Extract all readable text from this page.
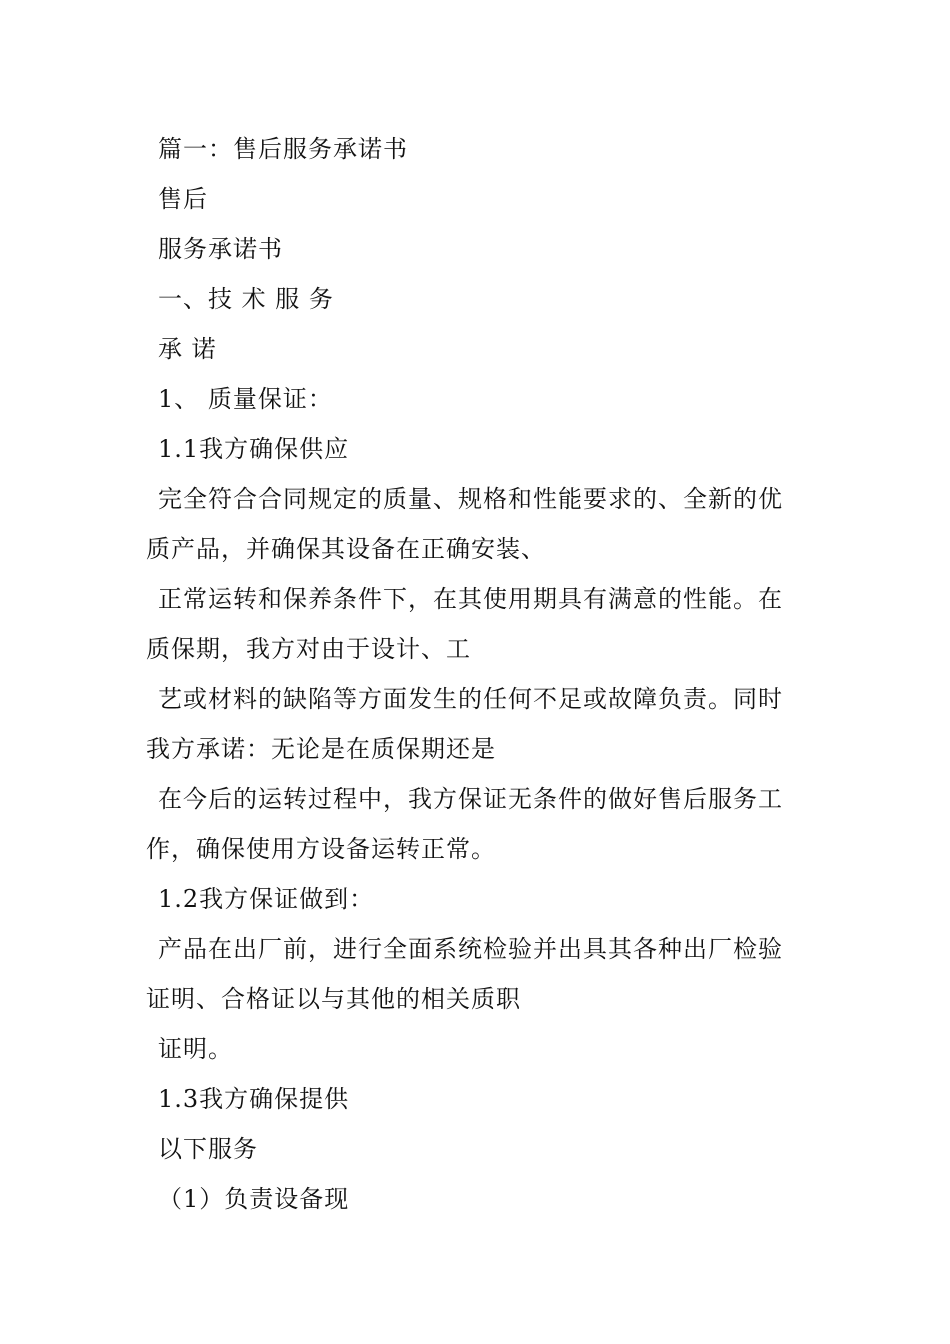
篇一：售后服务承诺书
售后
服务承诺书
一、技 术 服 务
承 诺
1、 质量保证：
1.1我方确保供应
完全符合合同规定的质量、规格和性能要求的、全新的优
质产品，并确保其设备在正确安装、
正常运转和保养条件下，在其使用期具有满意的性能。在
质保期，我方对由于设计、工
艺或材料的缺陷等方面发生的任何不足或故障负责。同时
我方承诺：无论是在质保期还是
在今后的运转过程中，我方保证无条件的做好售后服务工
作，确保使用方设备运转正常。
1.2我方保证做到：
产品在出厂前，进行全面系统检验并出具其各种出厂检验
证明、合格证以与其他的相关质职
证明。
1.3我方确保提供
以下服务
（1）负责设备现
